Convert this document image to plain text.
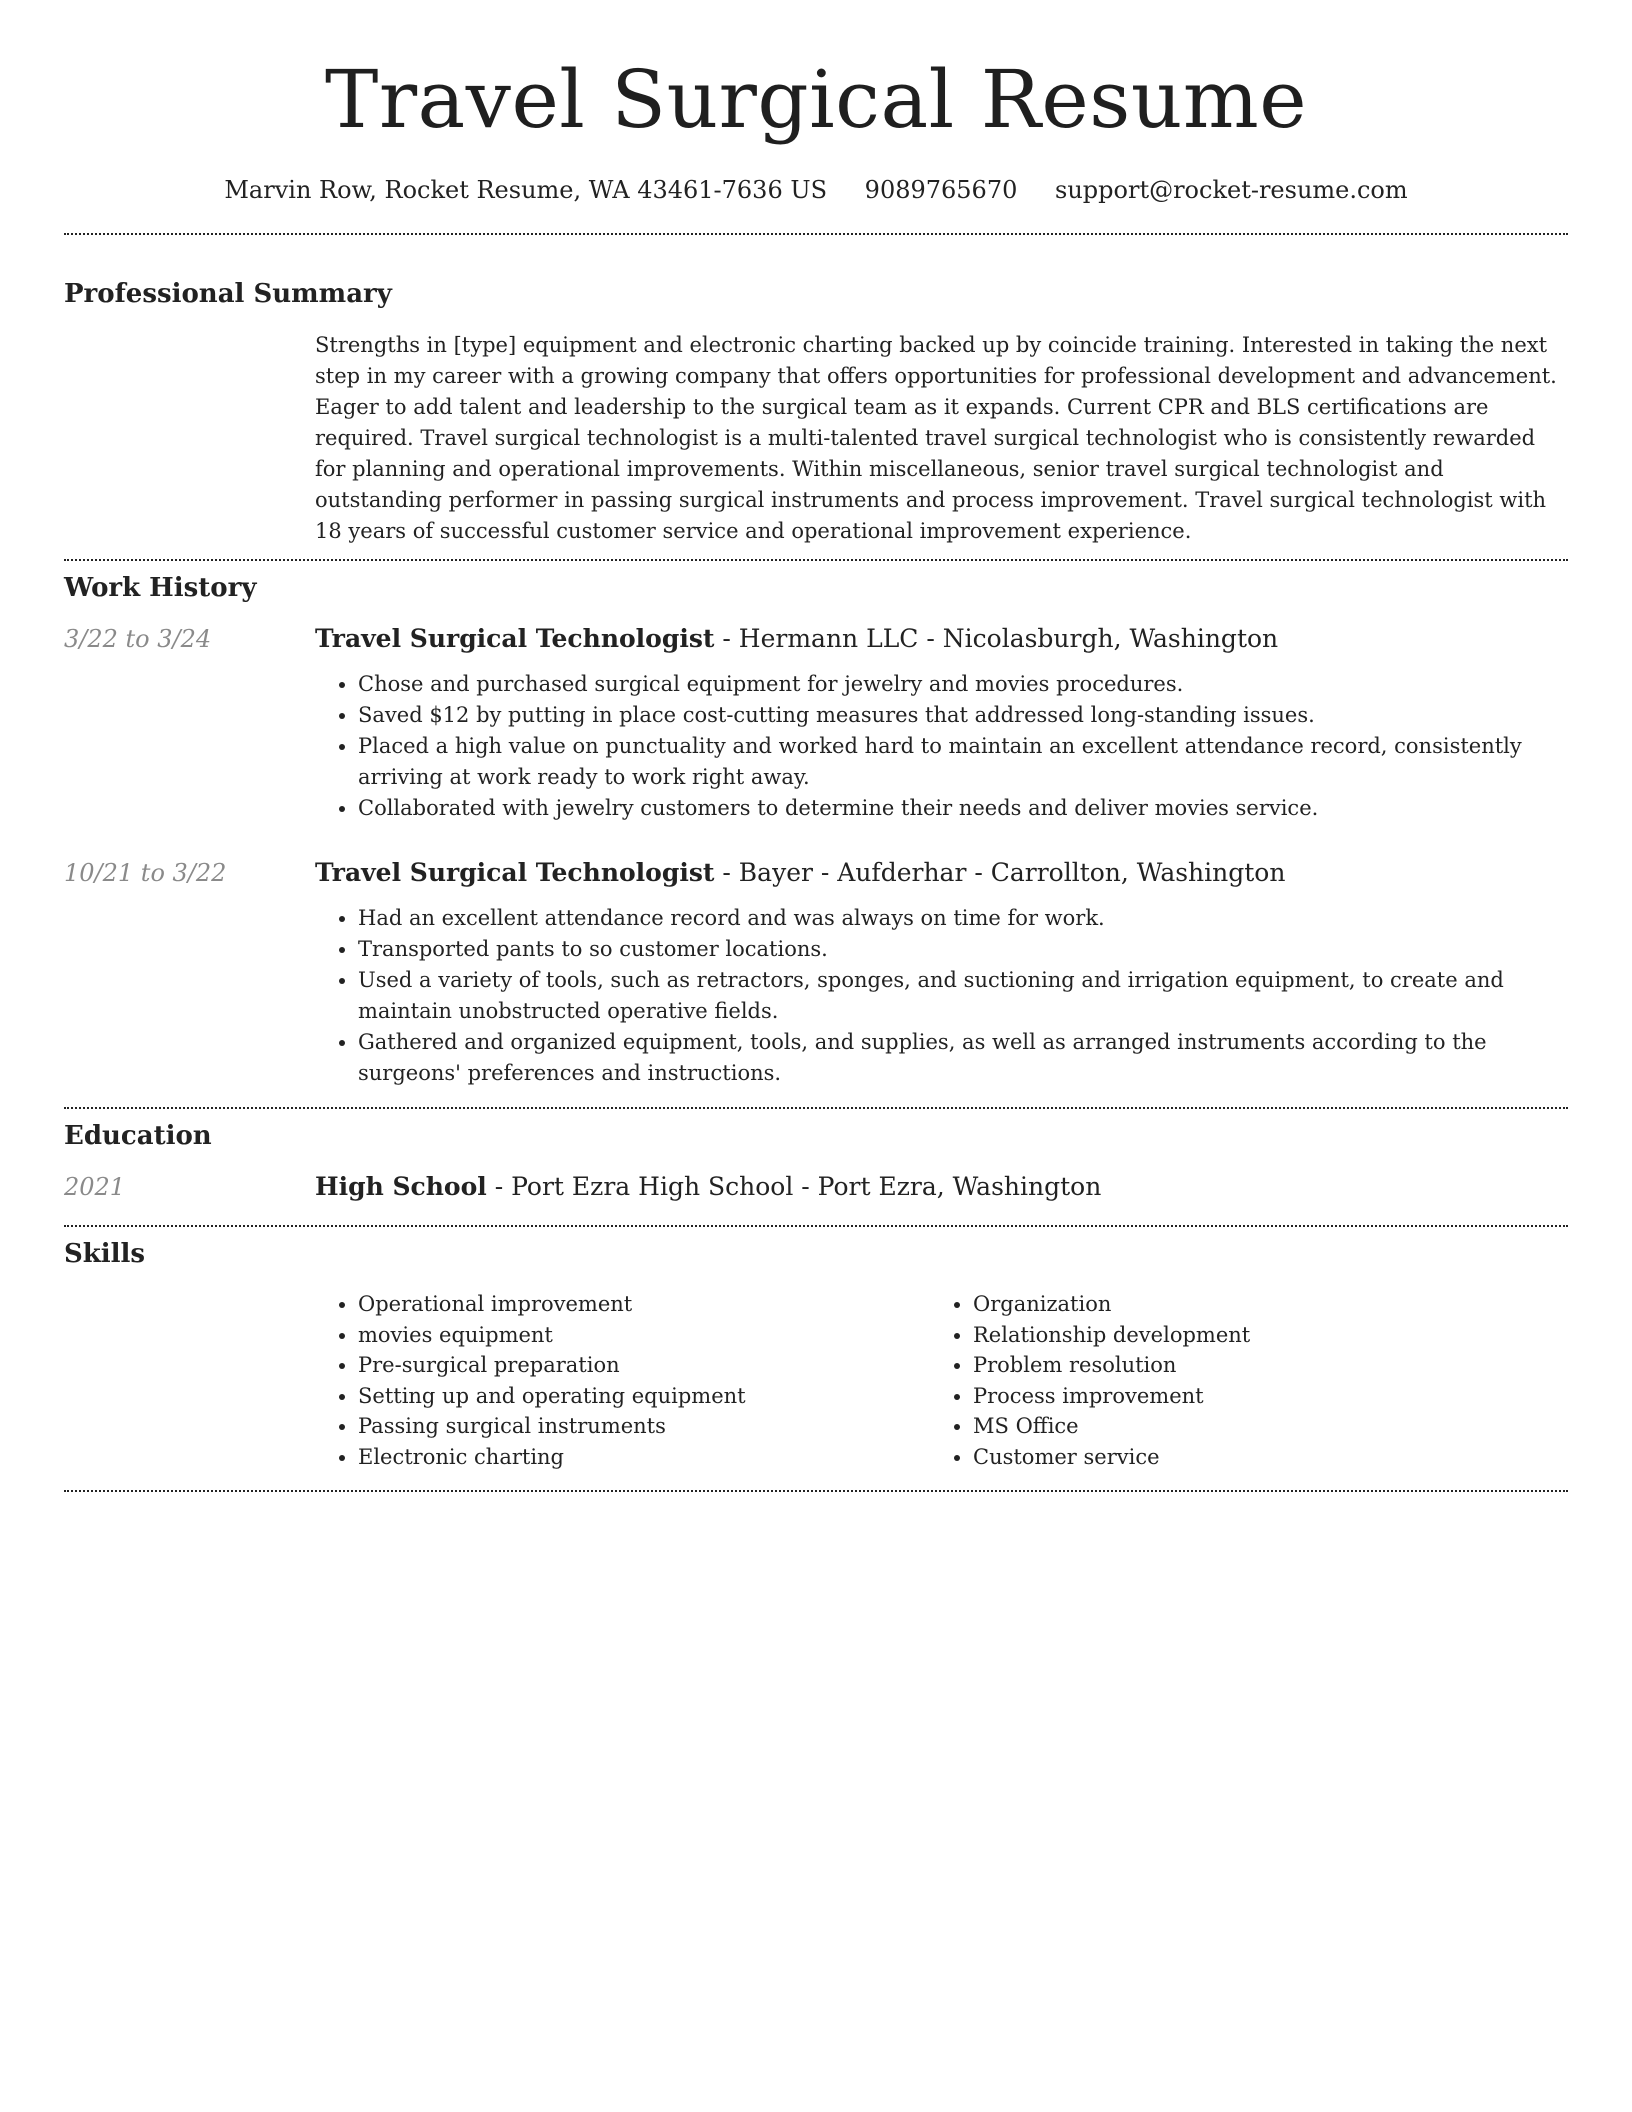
Travel Surgical Resume
Marvin Row, Rocket Resume, WA 43461-7636 US 9089765670 support@rocket-resume.com
Professional Summary

Strengths in [type] equipment and electronic charting backed up by coincide training. Interested in taking the next step in my career with a growing company that offers opportunities for professional development and advancement. Eager to add talent and leadership to the surgical team as it expands. Current CPR and BLS certifications are required. Travel surgical technologist is a multi-talented travel surgical technologist who is consistently rewarded for planning and operational improvements. Within miscellaneous, senior travel surgical technologist and outstanding performer in passing surgical instruments and process improvement. Travel surgical technologist with 18 years of successful customer service and operational improvement experience.

Work History
3/22 to 3/24	Travel Surgical Technologist - Hermann LLC - Nicolasburgh, Washington

• Chose and purchased surgical equipment for jewelry and movies procedures.
• Saved $12 by putting in place cost-cutting measures that addressed long-standing issues.
• Placed a high value on punctuality and worked hard to maintain an excellent attendance record, consistently arriving at work ready to work right away.
• Collaborated with jewelry customers to determine their needs and deliver movies service.
10/21 to 3/22	Travel Surgical Technologist - Bayer - Aufderhar - Carrollton, Washington

• Had an excellent attendance record and was always on time for work.
• Transported pants to so customer locations.
• Used a variety of tools, such as retractors, sponges, and suctioning and irrigation equipment, to create and maintain unobstructed operative fields.
• Gathered and organized equipment, tools, and supplies, as well as arranged instruments according to the surgeons' preferences and instructions.
Education
2021	High School - Port Ezra High School - Port Ezra, Washington

Skills
• Operational improvement
• movies equipment
• Pre-surgical preparation
• Setting up and operating equipment
• Passing surgical instruments
• Electronic charting
• Organization
• Relationship development
• Problem resolution
• Process improvement
• MS Office
• Customer service
